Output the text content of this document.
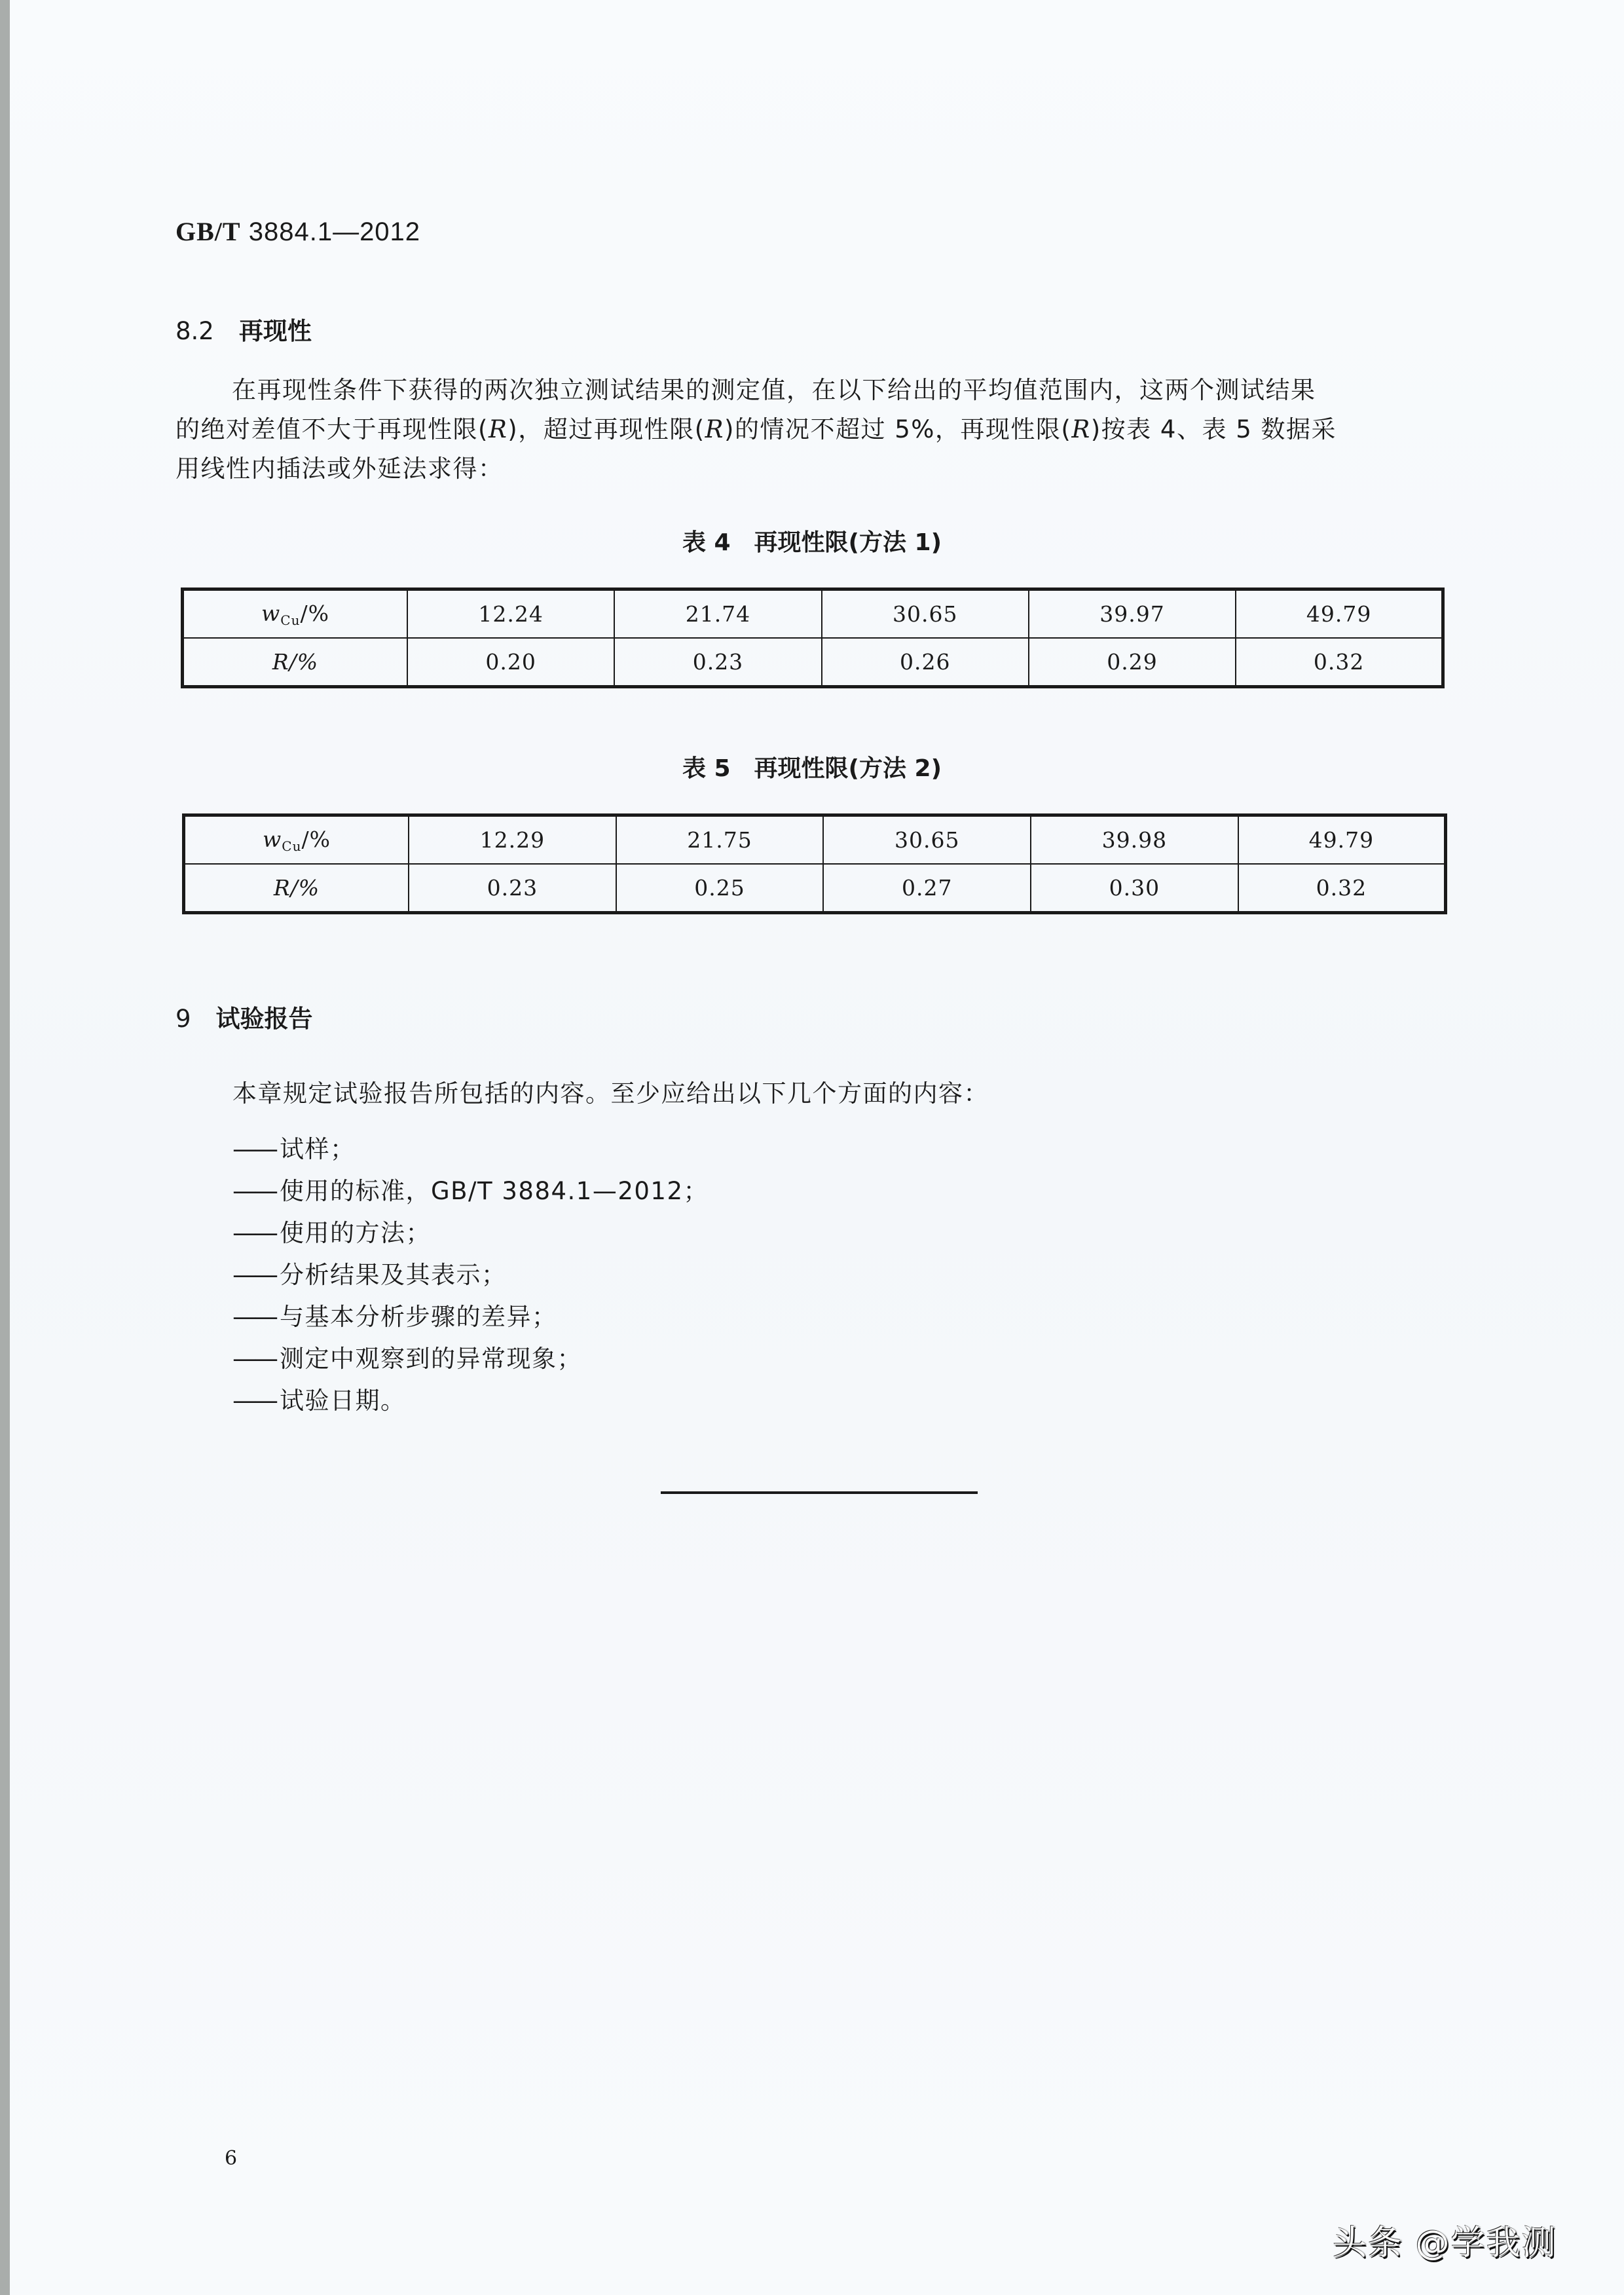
GB/T 3884.1—2012
8.2 再现性
在再现性条件下获得的两次独立测试结果的测定值，在以下给出的平均值范围内，这两个测试结果
的绝对差值不大于再现性限(R)，超过再现性限(R)的情况不超过 5%，再现性限(R)按表 4、表 5 数据采
用线性内插法或外延法求得：
表 4 再现性限(方法 1)
$w_{Cu}/\%$	12.24	21.74	30.65	39.97	49.79
R/%	0.20	0.23	0.26	0.29	0.32
表 5 再现性限(方法 2)
$w_{Cu}/\%$	12.29	21.75	30.65	39.98	49.79
R/%	0.23	0.25	0.27	0.30	0.32
9 试验报告
本章规定试验报告所包括的内容。至少应给出以下几个方面的内容：
—— 试样；
—— 使用的标准，GB/T 3884.1—2012；
—— 使用的方法；
—— 分析结果及其表示；
—— 与基本分析步骤的差异；
—— 测定中观察到的异常现象；
—— 试验日期。
6
头条 @学我测
